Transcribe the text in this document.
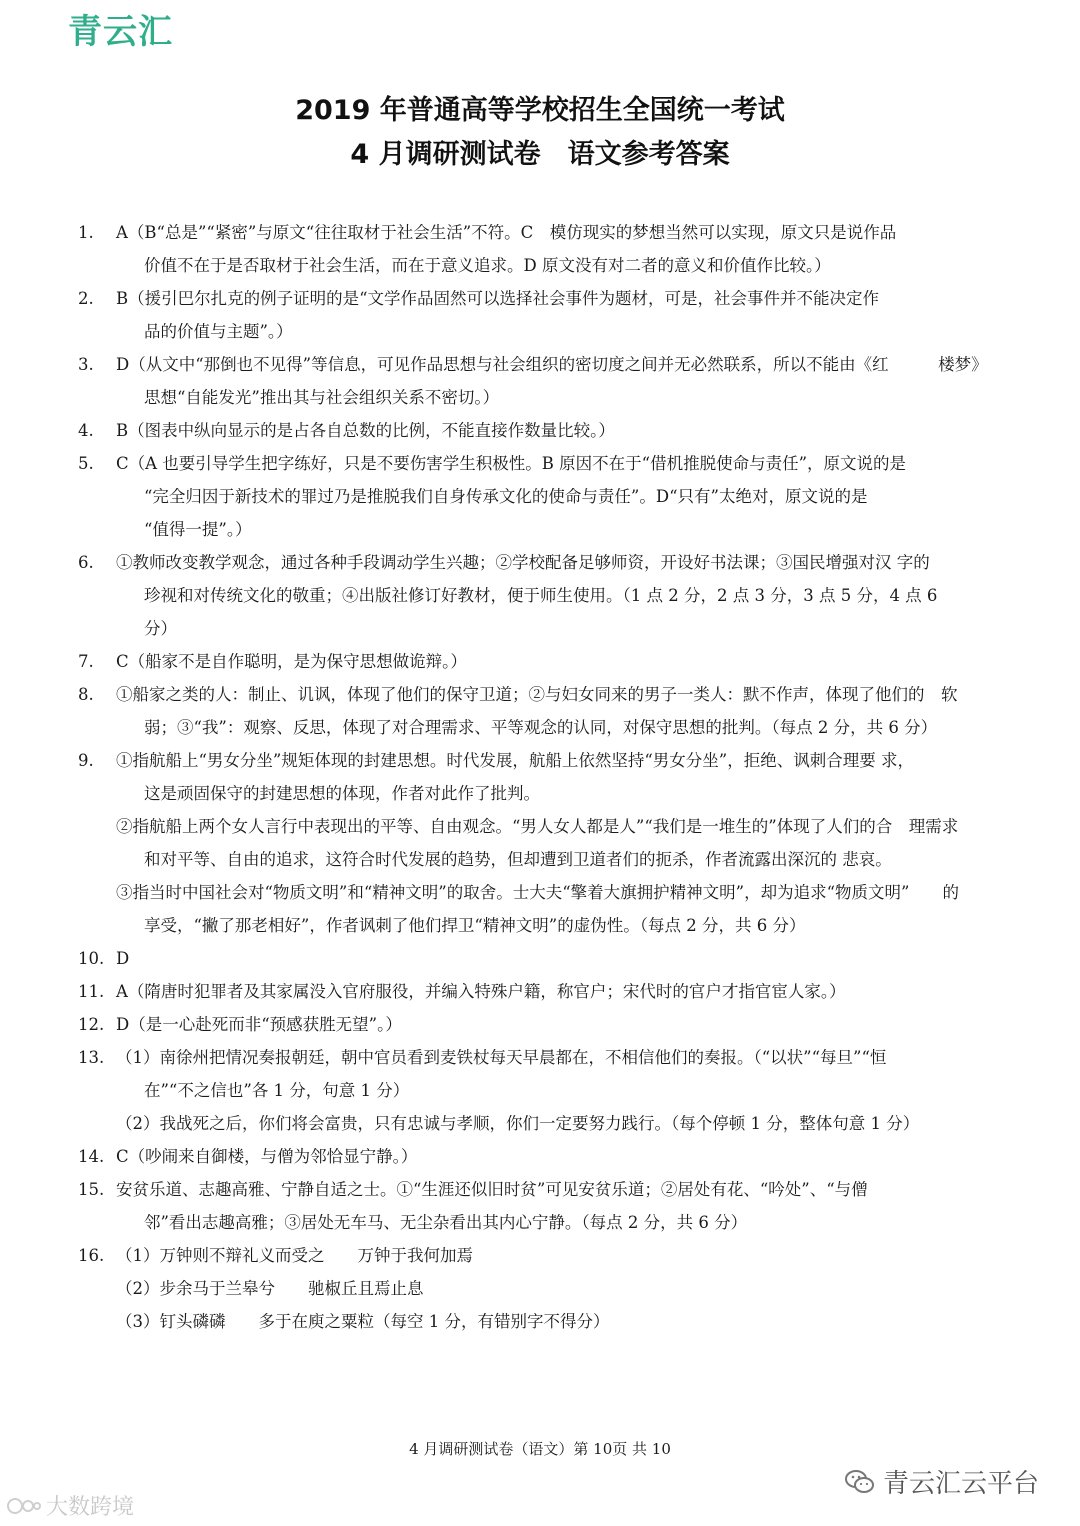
青云汇
2019 年普通高等学校招生全国统一考试
4 月调研测试卷　语文参考答案
1.	A（B“总是”“紧密”与原文“往往取材于社会生活”不符。C　模仿现实的梦想当然可以实现，原文只是说作品
价值不在于是否取材于社会生活，而在于意义追求。D 原文没有对二者的意义和价值作比较。）
2.	B（援引巴尔扎克的例子证明的是“文学作品固然可以选择社会事件为题材，可是，社会事件并不能决定作
品的价值与主题”。）
3.	D（从文中“那倒也不见得”等信息，可见作品思想与社会组织的密切度之间并无必然联系，所以不能由《红　　　楼梦》
思想“自能发光”推出其与社会组织关系不密切。）
4.	B（图表中纵向显示的是占各自总数的比例，不能直接作数量比较。）
5.	C（A 也要引导学生把字练好，只是不要伤害学生积极性。B 原因不在于“借机推脱使命与责任”，原文说的是
“完全归因于新技术的罪过乃是推脱我们自身传承文化的使命与责任”。D“只有”太绝对，原文说的是
“值得一提”。）
6.	①教师改变教学观念，通过各种手段调动学生兴趣；②学校配备足够师资，开设好书法课；③国民增强对汉 字的
珍视和对传统文化的敬重；④出版社修订好教材，便于师生使用。（1 点 2 分，2 点 3 分，3 点 5 分，4 点 6
分）
7.	C（船家不是自作聪明，是为保守思想做诡辩。）
8.	①船家之类的人：制止、讥讽，体现了他们的保守卫道；②与妇女同来的男子一类人：默不作声，体现了他们的　软
弱；③“我”：观察、反思，体现了对合理需求、平等观念的认同，对保守思想的批判。（每点 2 分，共 6 分）
9.	①指航船上“男女分坐”规矩体现的封建思想。时代发展，航船上依然坚持“男女分坐”，拒绝、讽刺合理要 求，
这是顽固保守的封建思想的体现，作者对此作了批判。
②指航船上两个女人言行中表现出的平等、自由观念。“男人女人都是人”“我们是一堆生的”体现了人们的合　理需求
和对平等、自由的追求，这符合时代发展的趋势，但却遭到卫道者们的扼杀，作者流露出深沉的 悲哀。
③指当时中国社会对“物质文明”和“精神文明”的取舍。士大夫“擎着大旗拥护精神文明”，却为追求“物质文明”　　的
享受，“撇了那老相好”，作者讽刺了他们捍卫“精神文明”的虚伪性。（每点 2 分，共 6 分）
10. D
11. A（隋唐时犯罪者及其家属没入官府服役，并编入特殊户籍，称官户；宋代时的官户才指官宦人家。）
12. D（是一心赴死而非“预感获胜无望”。）
13. （1）南徐州把情况奏报朝廷，朝中官员看到麦铁杖每天早晨都在，不相信他们的奏报。（“以状”“每旦”“恒
在”“不之信也”各 1 分，句意 1 分）
（2）我战死之后，你们将会富贵，只有忠诚与孝顺，你们一定要努力践行。（每个停顿 1 分，整体句意 1 分）
14. C（吵闹来自御楼，与僧为邻恰显宁静。）
15. 安贫乐道、志趣高雅、宁静自适之士。①“生涯还似旧时贫”可见安贫乐道；②居处有花、“吟处”、“与僧
邻”看出志趣高雅；③居处无车马、无尘杂看出其内心宁静。（每点 2 分，共 6 分）
16. （1）万钟则不辩礼义而受之　　万钟于我何加焉
（2）步余马于兰皋兮　　驰椒丘且焉止息
（3）钉头磷磷　　多于在庾之粟粒（每空 1 分，有错别字不得分）
4 月调研测试卷（语文）第 10页 共 10
青云汇云平台
大数跨境
